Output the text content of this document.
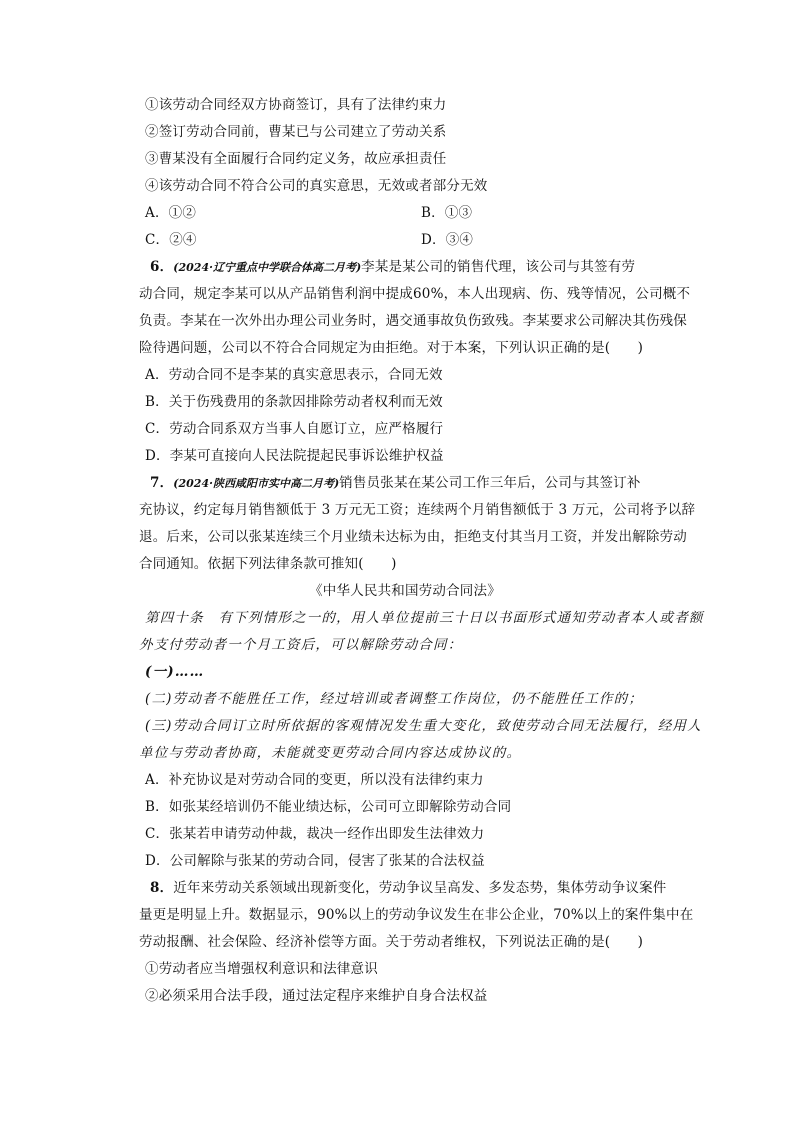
①该劳动合同经双方协商签订，具有了法律约束力
②签订劳动合同前，曹某已与公司建立了劳动关系
③曹某没有全面履行合同约定义务，故应承担责任
④该劳动合同不符合公司的真实意思，无效或者部分无效
A．①②	B．①③
C．②④	D．③④
6．(2024·辽宁重点中学联合体高二月考)李某是某公司的销售代理，该公司与其签有劳
动合同，规定李某可以从产品销售利润中提成60%，本人出现病、伤、残等情况，公司概不
负责。李某在一次外出办理公司业务时，遇交通事故负伤致残。李某要求公司解决其伤残保
险待遇问题，公司以不符合合同规定为由拒绝。对于本案，下列认识正确的是(　　)
A．劳动合同不是李某的真实意思表示，合同无效
B．关于伤残费用的条款因排除劳动者权利而无效
C．劳动合同系双方当事人自愿订立，应严格履行
D．李某可直接向人民法院提起民事诉讼维护权益
7．(2024·陕西咸阳市实中高二月考)销售员张某在某公司工作三年后，公司与其签订补
充协议，约定每月销售额低于 3 万元无工资；连续两个月销售额低于 3 万元，公司将予以辞
退。后来，公司以张某连续三个月业绩未达标为由，拒绝支付其当月工资，并发出解除劳动
合同通知。依据下列法律条款可推知(　　)
《中华人民共和国劳动合同法》
第四十条　有下列情形之一的，用人单位提前三十日以书面形式通知劳动者本人或者额
外支付劳动者一个月工资后，可以解除劳动合同：
(一)……
(二)劳动者不能胜任工作，经过培训或者调整工作岗位，仍不能胜任工作的；
(三)劳动合同订立时所依据的客观情况发生重大变化，致使劳动合同无法履行，经用人
单位与劳动者协商，未能就变更劳动合同内容达成协议的。
A．补充协议是对劳动合同的变更，所以没有法律约束力
B．如张某经培训仍不能业绩达标，公司可立即解除劳动合同
C．张某若申请劳动仲裁，裁决一经作出即发生法律效力
D．公司解除与张某的劳动合同，侵害了张某的合法权益
8．近年来劳动关系领域出现新变化，劳动争议呈高发、多发态势，集体劳动争议案件
量更是明显上升。数据显示，90%以上的劳动争议发生在非公企业，70%以上的案件集中在
劳动报酬、社会保险、经济补偿等方面。关于劳动者维权，下列说法正确的是(　　)
①劳动者应当增强权利意识和法律意识
②必须采用合法手段，通过法定程序来维护自身合法权益
